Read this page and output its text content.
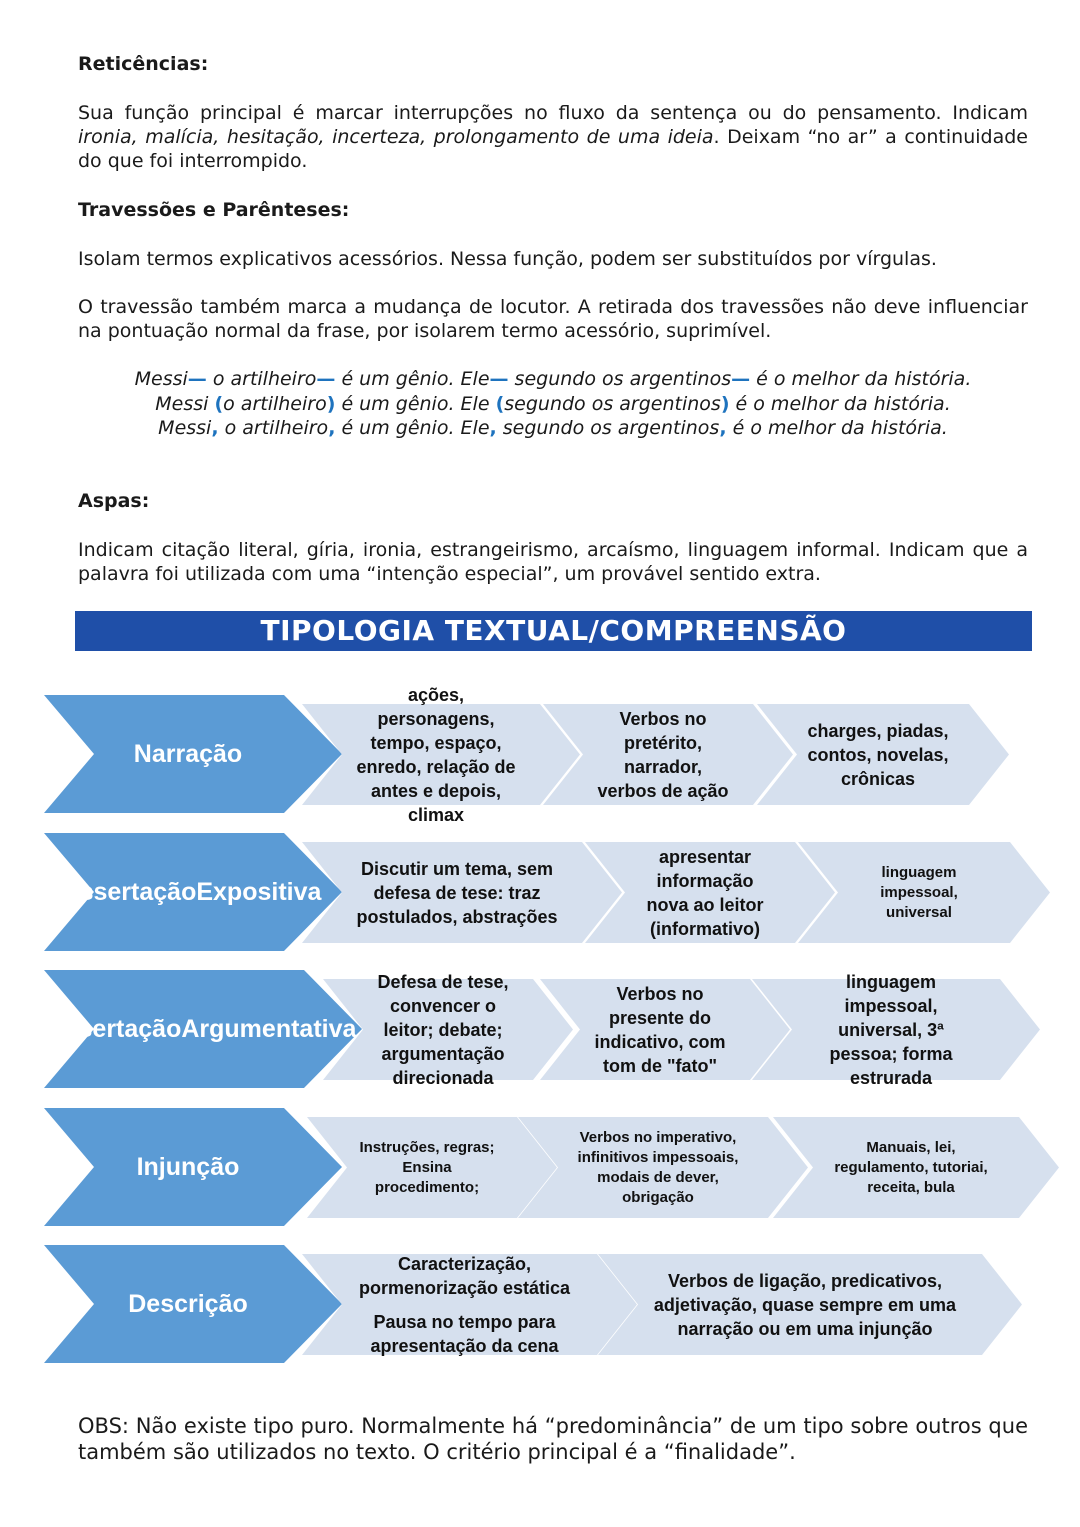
Reticências:
Sua função principal é marcar interrupções no fluxo da sentença ou do pensamento. Indicam ironia, malícia, hesitação, incerteza, prolongamento de uma ideia. Deixam “no ar” a continuidade do que foi interrompido.
Travessões e Parênteses:
Isolam termos explicativos acessórios. Nessa função, podem ser substituídos por vírgulas.
O travessão também marca a mudança de locutor. A retirada dos travessões não deve influenciar na pontuação normal da frase, por isolarem termo acessório, suprimível.
Messi— o artilheiro— é um gênio. Ele— segundo os argentinos— é o melhor da história.
Messi (o artilheiro) é um gênio. Ele (segundo os argentinos) é o melhor da história.
Messi, o artilheiro, é um gênio. Ele, segundo os argentinos, é o melhor da história.
Aspas:
Indicam citação literal, gíria, ironia, estrangeirismo, arcaísmo, linguagem informal. Indicam que a palavra foi utilizada com uma “intenção especial”, um provável sentido extra.
TIPOLOGIA TEXTUAL/COMPREENSÃO
Narração
ações,
personagens,
tempo, espaço,
enredo, relação de
antes e depois,
climax
Verbos no
pretérito,
narrador,
verbos de ação
charges, piadas,
contos, novelas,
crônicas
DissertaçãoExpositiva
Discutir um tema, sem
defesa de tese: traz
postulados, abstrações
apresentar
informação
nova ao leitor
(informativo)
linguagem
impessoal,
universal
DissertaçãoArgumentativa
Defesa de tese,
convencer o
leitor; debate;
argumentação
direcionada
Verbos no
presente do
indicativo, com
tom de "fato"
linguagem
impessoal,
universal, 3ª
pessoa; forma
estrurada
Injunção
Instruções, regras;
Ensina
procedimento;
Verbos no imperativo,
infinitivos impessoais,
modais de dever,
obrigação
Manuais, lei,
regulamento, tutoriai,
receita, bula
Descrição
Caracterização,
pormenorização estática
Pausa no tempo para
apresentação da cena
Verbos de ligação, predicativos,
adjetivação, quase sempre em uma
narração ou em uma injunção
OBS: Não existe tipo puro. Normalmente há “predominância” de um tipo sobre outros que também são utilizados no texto. O critério principal é a “finalidade”.
